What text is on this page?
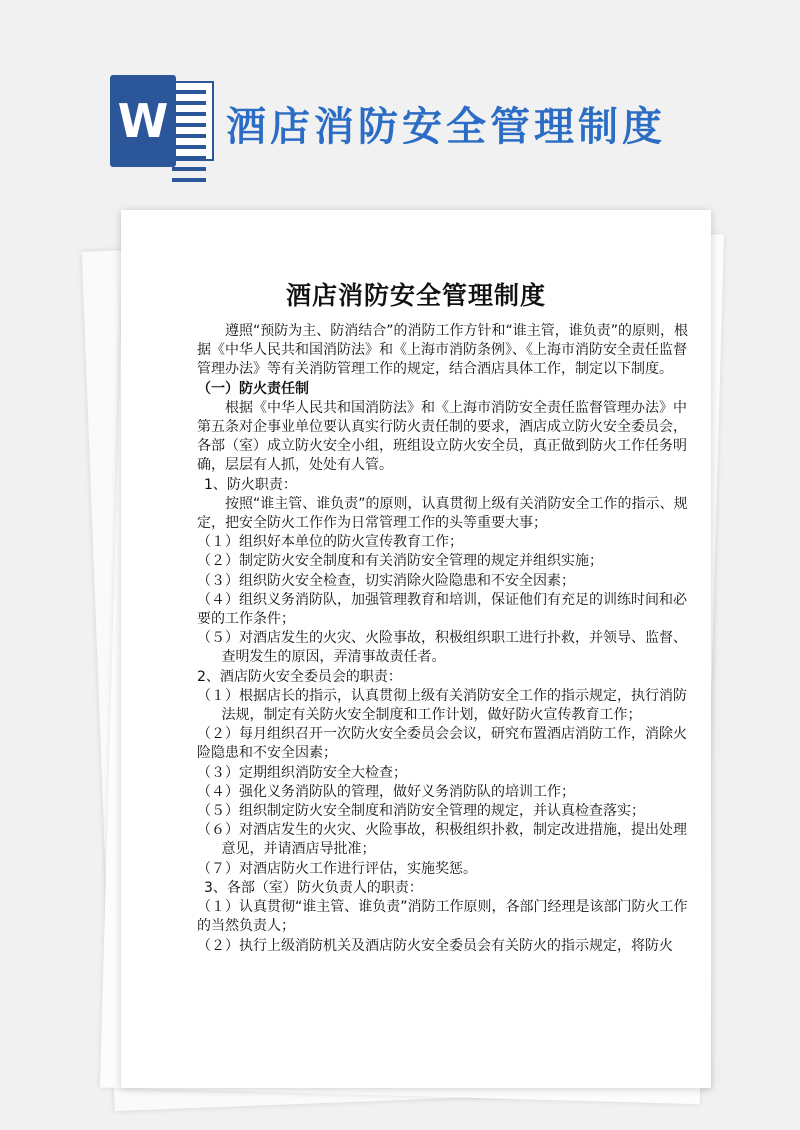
W 酒店消防安全管理制度
酒店消防安全管理制度

遵照“预防为主、防消结合”的消防工作方针和“谁主管，谁负责”的原则，根据《中华人民共和国消防法》和《上海市消防条例》、《上海市消防安全责任监督管理办法》等有关消防管理工作的规定，结合酒店具体工作，制定以下制度。

（一）防火责任制

根据《中华人民共和国消防法》和《上海市消防安全责任监督管理办法》中第五条对企事业单位要认真实行防火责任制的要求，酒店成立防火安全委员会，各部（室）成立防火安全小组，班组设立防火安全员，真正做到防火工作任务明确，层层有人抓，处处有人管。

1、防火职责：

按照“谁主管、谁负责”的原则，认真贯彻上级有关消防安全工作的指示、规定，把安全防火工作作为日常管理工作的头等重要大事；

（１）组织好本单位的防火宣传教育工作；

（２）制定防火安全制度和有关消防安全管理的规定并组织实施；

（３）组织防火安全检查，切实消除火险隐患和不安全因素；

（４）组织义务消防队，加强管理教育和培训，保证他们有充足的训练时间和必要的工作条件；

（５）对酒店发生的火灾、火险事故，积极组织职工进行扑救，并领导、监督、查明发生的原因，弄清事故责任者。

2、酒店防火安全委员会的职责：

（１）根据店长的指示，认真贯彻上级有关消防安全工作的指示规定，执行消防法规，制定有关防火安全制度和工作计划，做好防火宣传教育工作；

（２）每月组织召开一次防火安全委员会会议，研究布置酒店消防工作，消除火险隐患和不安全因素；

（３）定期组织消防安全大检查；

（４）强化义务消防队的管理，做好义务消防队的培训工作；

（５）组织制定防火安全制度和消防安全管理的规定，并认真检查落实；

（６）对酒店发生的火灾、火险事故，积极组织扑救，制定改进措施，提出处理意见，并请酒店导批准；

（７）对酒店防火工作进行评估，实施奖惩。

3、各部（室）防火负责人的职责：

（１）认真贯彻“谁主管、谁负责”消防工作原则，各部门经理是该部门防火工作的当然负责人；

（２）执行上级消防机关及酒店防火安全委员会有关防火的指示规定，将防火
